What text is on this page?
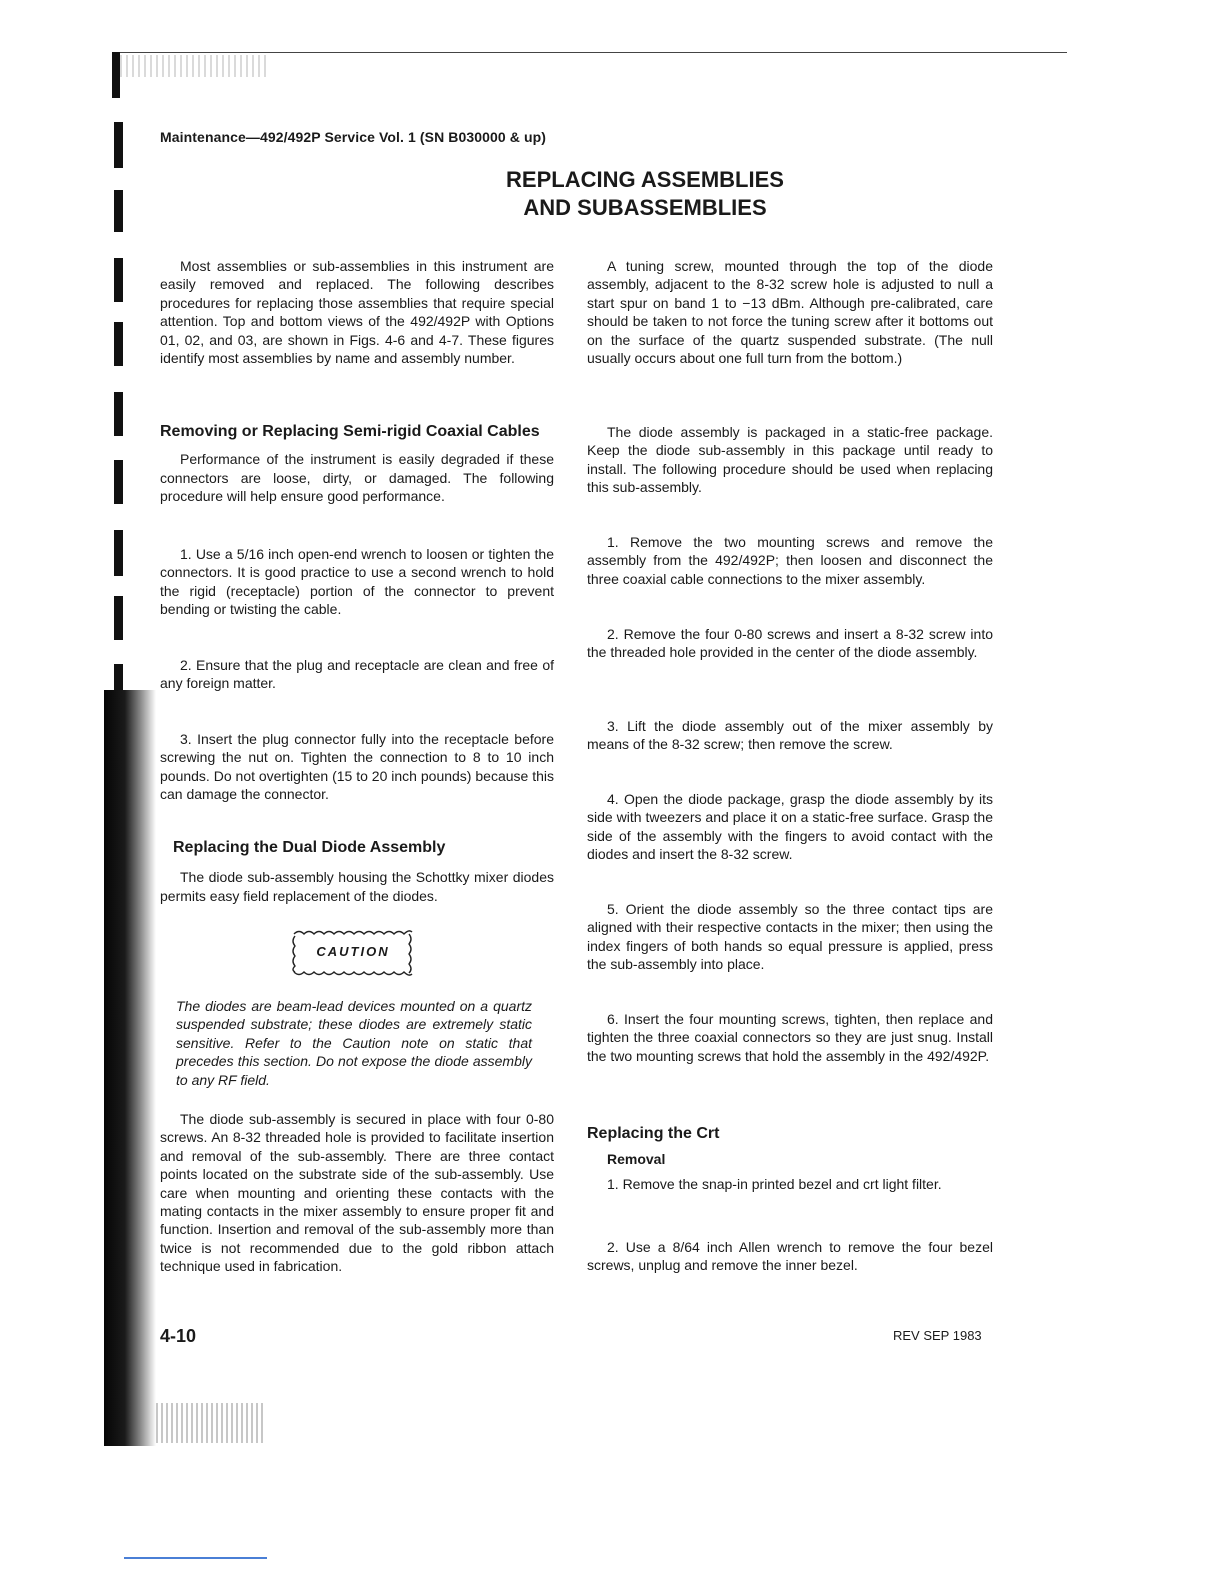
Maintenance—492/492P Service Vol. 1 (SN B030000 & up)
REPLACING ASSEMBLIES
AND SUBASSEMBLIES

Most assemblies or sub-assemblies in this instrument are easily removed and replaced. The following describes procedures for replacing those assemblies that require special attention. Top and bottom views of the 492/492P with Options 01, 02, and 03, are shown in Figs. 4-6 and 4-7. These figures identify most assemblies by name and assembly number.

Removing or Replacing Semi-rigid Coaxial Cables

Performance of the instrument is easily degraded if these connectors are loose, dirty, or damaged. The following procedure will help ensure good performance.

1. Use a 5/16 inch open-end wrench to loosen or tighten the connectors. It is good practice to use a second wrench to hold the rigid (receptacle) portion of the connector to prevent bending or twisting the cable.

2. Ensure that the plug and receptacle are clean and free of any foreign matter.

3. Insert the plug connector fully into the receptacle before screwing the nut on. Tighten the connection to 8 to 10 inch pounds. Do not overtighten (15 to 20 inch pounds) because this can damage the connector.

Replacing the Dual Diode Assembly

The diode sub-assembly housing the Schottky mixer diodes permits easy field replacement of the diodes.

CAUTION

The diodes are beam-lead devices mounted on a quartz suspended substrate; these diodes are extremely static sensitive. Refer to the Caution note on static that precedes this section. Do not expose the diode assembly to any RF field.

The diode sub-assembly is secured in place with four 0-80 screws. An 8-32 threaded hole is provided to facilitate insertion and removal of the sub-assembly. There are three contact points located on the substrate side of the sub-assembly. Use care when mounting and orienting these contacts with the mating contacts in the mixer assembly to ensure proper fit and function. Insertion and removal of the sub-assembly more than twice is not recommended due to the gold ribbon attach technique used in fabrication.

A tuning screw, mounted through the top of the diode assembly, adjacent to the 8-32 screw hole is adjusted to null a start spur on band 1 to −13 dBm. Although pre-calibrated, care should be taken to not force the tuning screw after it bottoms out on the surface of the quartz suspended substrate. (The null usually occurs about one full turn from the bottom.)

The diode assembly is packaged in a static-free package. Keep the diode sub-assembly in this package until ready to install. The following procedure should be used when replacing this sub-assembly.

1. Remove the two mounting screws and remove the assembly from the 492/492P; then loosen and disconnect the three coaxial cable connections to the mixer assembly.

2. Remove the four 0-80 screws and insert a 8-32 screw into the threaded hole provided in the center of the diode assembly.

3. Lift the diode assembly out of the mixer assembly by means of the 8-32 screw; then remove the screw.

4. Open the diode package, grasp the diode assembly by its side with tweezers and place it on a static-free surface. Grasp the side of the assembly with the fingers to avoid contact with the diodes and insert the 8-32 screw.

5. Orient the diode assembly so the three contact tips are aligned with their respective contacts in the mixer; then using the index fingers of both hands so equal pressure is applied, press the sub-assembly into place.

6. Insert the four mounting screws, tighten, then replace and tighten the three coaxial connectors so they are just snug. Install the two mounting screws that hold the assembly in the 492/492P.

Replacing the Crt

Removal

1. Remove the snap-in printed bezel and crt light filter.

2. Use a 8/64 inch Allen wrench to remove the four bezel screws, unplug and remove the inner bezel.

4-10	REV SEP 1983
